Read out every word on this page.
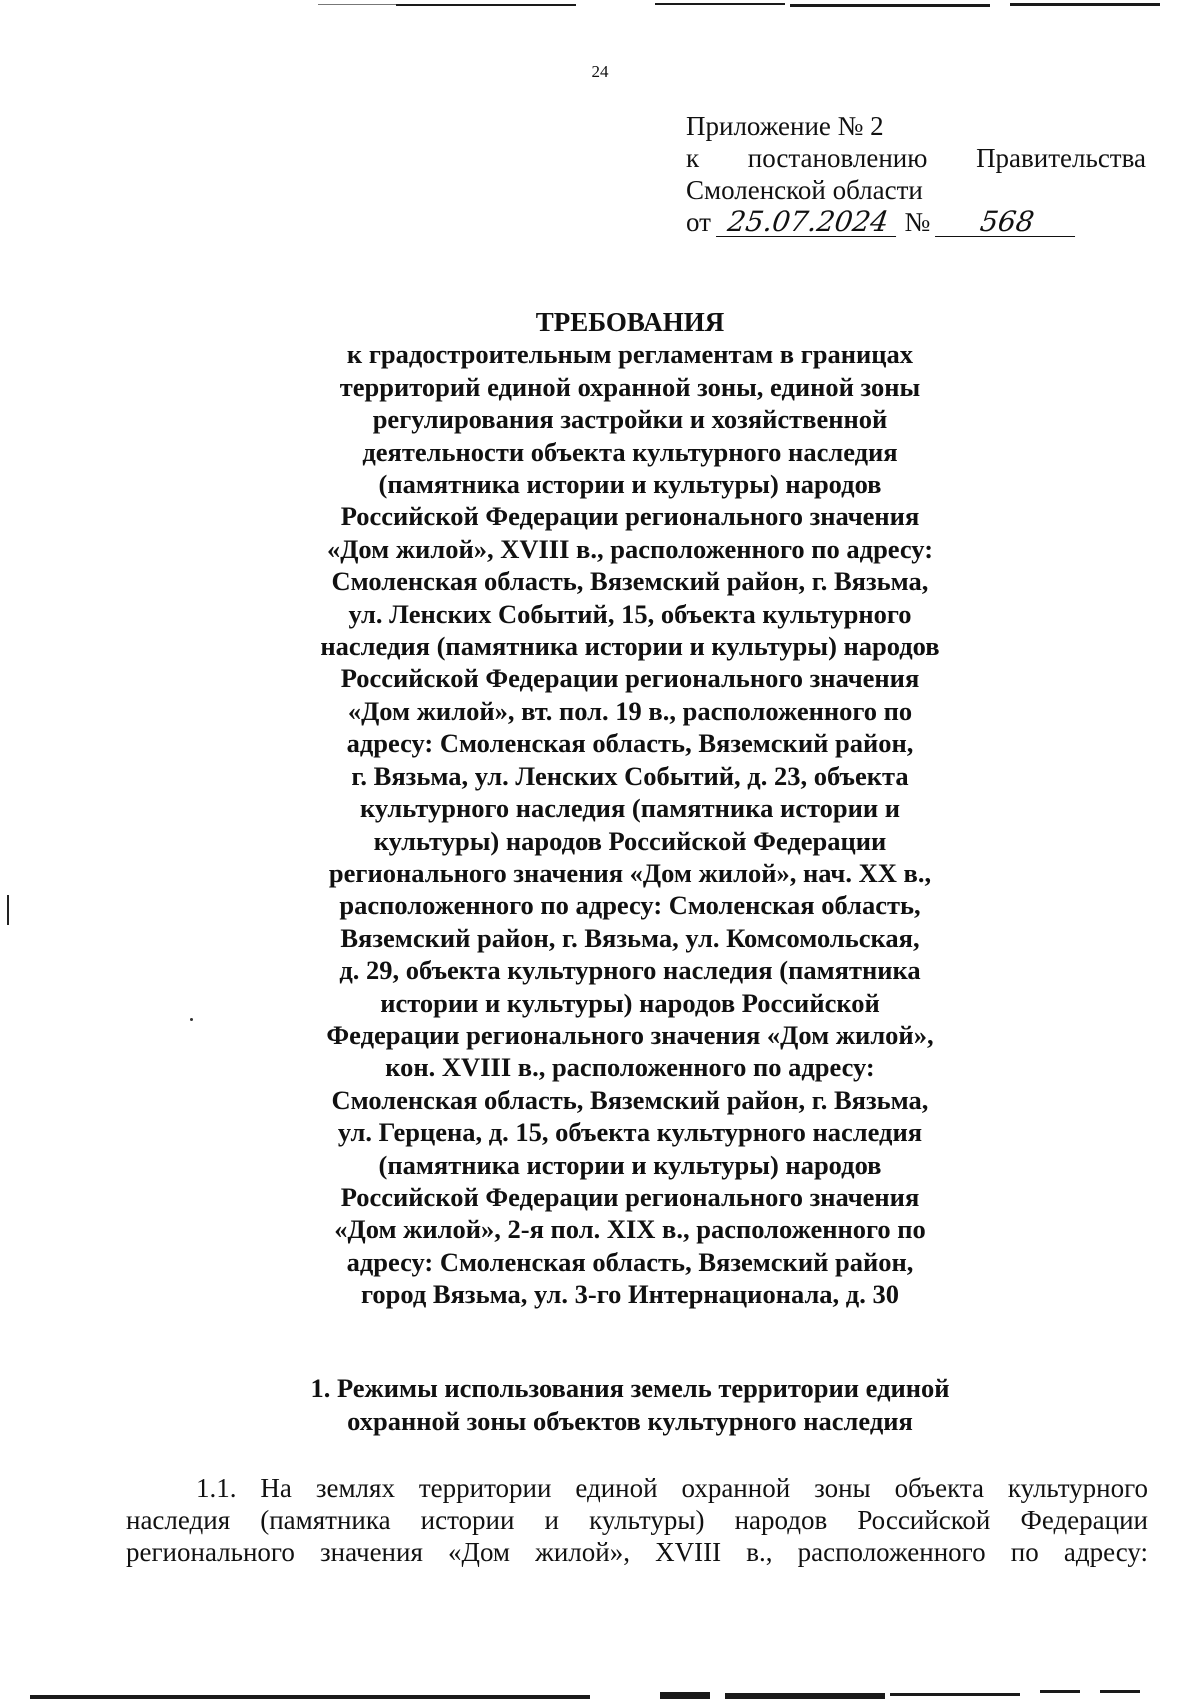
24
Приложение № 2
к постановлению Правительства
Смоленской области
от 25.07.2024 № 568
ТРЕБОВАНИЯ
к градостроительным регламентам в границах
территорий единой охранной зоны, единой зоны
регулирования застройки и хозяйственной
деятельности объекта культурного наследия
(памятника истории и культуры) народов
Российской Федерации регионального значения
«Дом жилой», XVIII в., расположенного по адресу:
Смоленская область, Вяземский район, г. Вязьма,
ул. Ленских Событий, 15, объекта культурного
наследия (памятника истории и культуры) народов
Российской Федерации регионального значения
«Дом жилой», вт. пол. 19 в., расположенного по
адресу: Смоленская область, Вяземский район,
г. Вязьма, ул. Ленских Событий, д. 23, объекта
культурного наследия (памятника истории и
культуры) народов Российской Федерации
регионального значения «Дом жилой», нач. XX в.,
расположенного по адресу: Смоленская область,
Вяземский район, г. Вязьма, ул. Комсомольская,
д. 29, объекта культурного наследия (памятника
истории и культуры) народов Российской
Федерации регионального значения «Дом жилой»,
кон. XVIII в., расположенного по адресу:
Смоленская область, Вяземский район, г. Вязьма,
ул. Герцена, д. 15, объекта культурного наследия
(памятника истории и культуры) народов
Российской Федерации регионального значения
«Дом жилой», 2-я пол. XIX в., расположенного по
адресу: Смоленская область, Вяземский район,
город Вязьма, ул. 3-го Интернационала, д. 30
1. Режимы использования земель территории единой
охранной зоны объектов культурного наследия
1.1. На землях территории единой охранной зоны объекта культурного
наследия (памятника истории и культуры) народов Российской Федерации
регионального значения «Дом жилой», XVIII в., расположенного по адресу:
